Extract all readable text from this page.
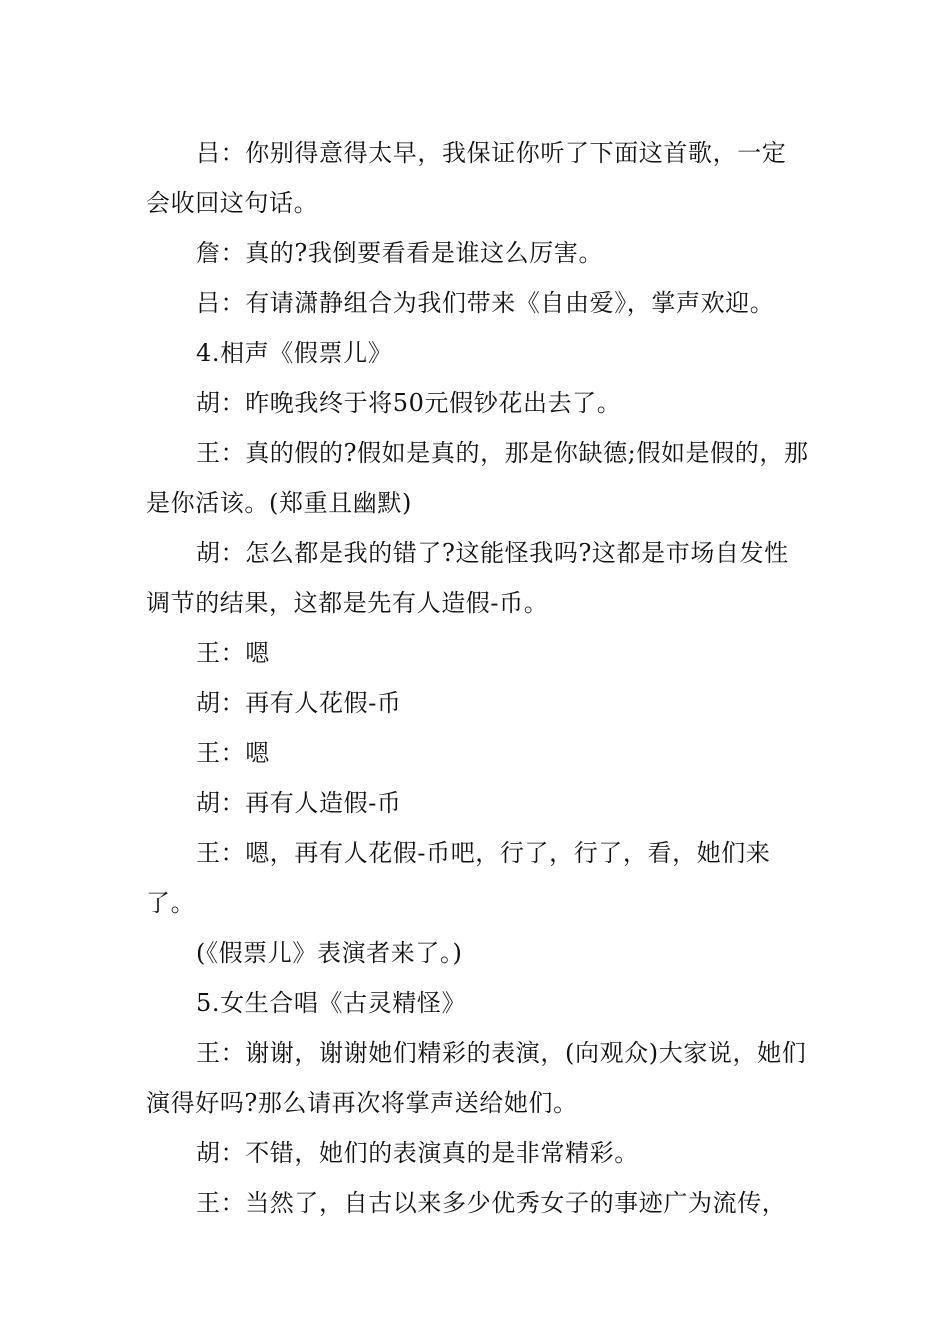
吕：你别得意得太早，我保证你听了下面这首歌，一定会收回这句话。

詹：真的?我倒要看看是谁这么厉害。

吕：有请潇静组合为我们带来《自由爱》，掌声欢迎。

4.相声《假票儿》

胡：昨晚我终于将50元假钞花出去了。

王：真的假的?假如是真的，那是你缺德;假如是假的，那是你活该。(郑重且幽默)

胡：怎么都是我的错了?这能怪我吗?这都是市场自发性调节的结果，这都是先有人造假-币。

王：嗯

胡：再有人花假-币

王：嗯

胡：再有人造假-币

王：嗯，再有人花假-币吧，行了，行了，看，她们来了。

(《假票儿》表演者来了。)

5.女生合唱《古灵精怪》

王：谢谢，谢谢她们精彩的表演，(向观众)大家说，她们演得好吗?那么请再次将掌声送给她们。

胡：不错，她们的表演真的是非常精彩。

王：当然了，自古以来多少优秀女子的事迹广为流传，
